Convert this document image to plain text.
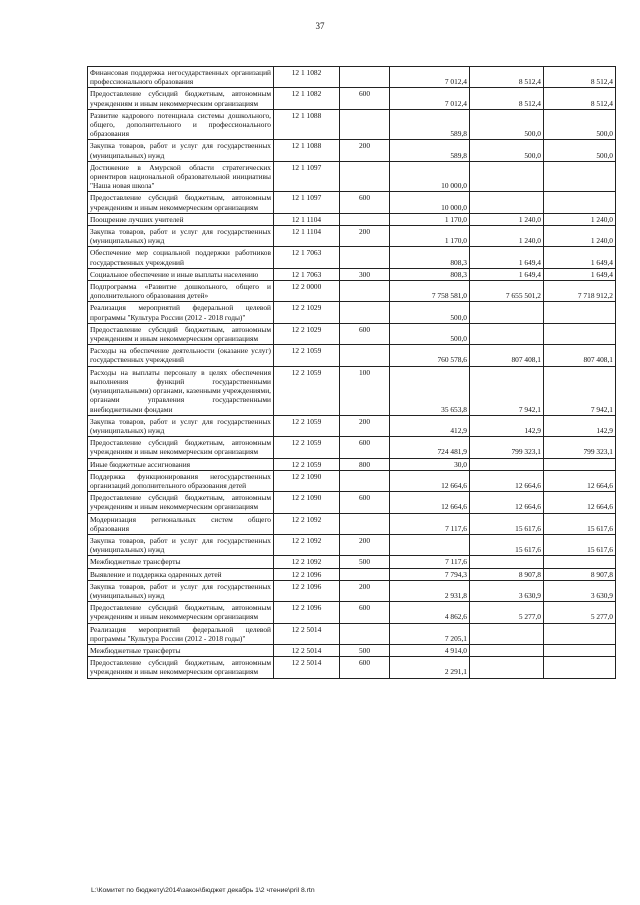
37
Финансовая поддержка негосударственных организаций профессионального образования	12 1 1082		7 012,4	8 512,4	8 512,4
Предоставление субсидий бюджетным, автономным учреждениям и иным некоммерческим организациям	12 1 1082	600	7 012,4	8 512,4	8 512,4
Развитие кадрового потенциала системы дошкольного, общего, дополнительного и профессионального образования	12 1 1088		589,8	500,0	500,0
Закупка товаров, работ и услуг для государственных (муниципальных) нужд	12 1 1088	200	589,8	500,0	500,0
Достижение в Амурской области стратегических ориентиров национальной образовательной инициативы "Наша новая школа"	12 1 1097		10 000,0		
Предоставление субсидий бюджетным, автономным учреждениям и иным некоммерческим организациям	12 1 1097	600	10 000,0		
Поощрение лучших учителей	12 1 1104		1 170,0	1 240,0	1 240,0
Закупка товаров, работ и услуг для государственных (муниципальных) нужд	12 1 1104	200	1 170,0	1 240,0	1 240,0
Обеспечение мер социальной поддержки работников государственных учреждений	12 1 7063		808,3	1 649,4	1 649,4
Социальное обеспечение и иные выплаты населению	12 1 7063	300	808,3	1 649,4	1 649,4
Подпрограмма «Развитие дошкольного, общего и дополнительного образования детей»	12 2 0000		7 758 581,0	7 655 501,2	7 718 912,2
Реализация мероприятий федеральной целевой программы "Культура России (2012 - 2018 годы)"	12 2 1029		500,0		
Предоставление субсидий бюджетным, автономным учреждениям и иным некоммерческим организациям	12 2 1029	600	500,0		
Расходы на обеспечение деятельности (оказание услуг) государственных учреждений	12 2 1059		760 578,6	807 408,1	807 408,1
Расходы на выплаты персоналу в целях обеспечения выполнения функций государственными (муниципальными) органами, казенными учреждениями, органами управления государственными внебюджетными фондами	12 2 1059	100	35 653,8	7 942,1	7 942,1
Закупка товаров, работ и услуг для государственных (муниципальных) нужд	12 2 1059	200	412,9	142,9	142,9
Предоставление субсидий бюджетным, автономным учреждениям и иным некоммерческим организациям	12 2 1059	600	724 481,9	799 323,1	799 323,1
Иные бюджетные ассигнования	12 2 1059	800	30,0		
Поддержка функционирования негосударственных организаций дополнительного образования детей	12 2 1090		12 664,6	12 664,6	12 664,6
Предоставление субсидий бюджетным, автономным учреждениям и иным некоммерческим организациям	12 2 1090	600	12 664,6	12 664,6	12 664,6
Модернизация региональных систем общего образования	12 2 1092		7 117,6	15 617,6	15 617,6
Закупка товаров, работ и услуг для государственных (муниципальных) нужд	12 2 1092	200		15 617,6	15 617,6
Межбюджетные трансферты	12 2 1092	500	7 117,6		
Выявление и поддержка одаренных детей	12 2 1096		7 794,3	8 907,8	8 907,8
Закупка товаров, работ и услуг для государственных (муниципальных) нужд	12 2 1096	200	2 931,8	3 630,9	3 630,9
Предоставление субсидий бюджетным, автономным учреждениям и иным некоммерческим организациям	12 2 1096	600	4 862,6	5 277,0	5 277,0
Реализация мероприятий федеральной целевой программы "Культура России (2012 - 2018 годы)"	12 2 5014		7 205,1		
Межбюджетные трансферты	12 2 5014	500	4 914,0		
Предоставление субсидий бюджетным, автономным учреждениям и иным некоммерческим организациям	12 2 5014	600	2 291,1		
L:\Комитет по бюджету\2014\закон\бюджет декабрь 1\2 чтение\pril 8.rtn
